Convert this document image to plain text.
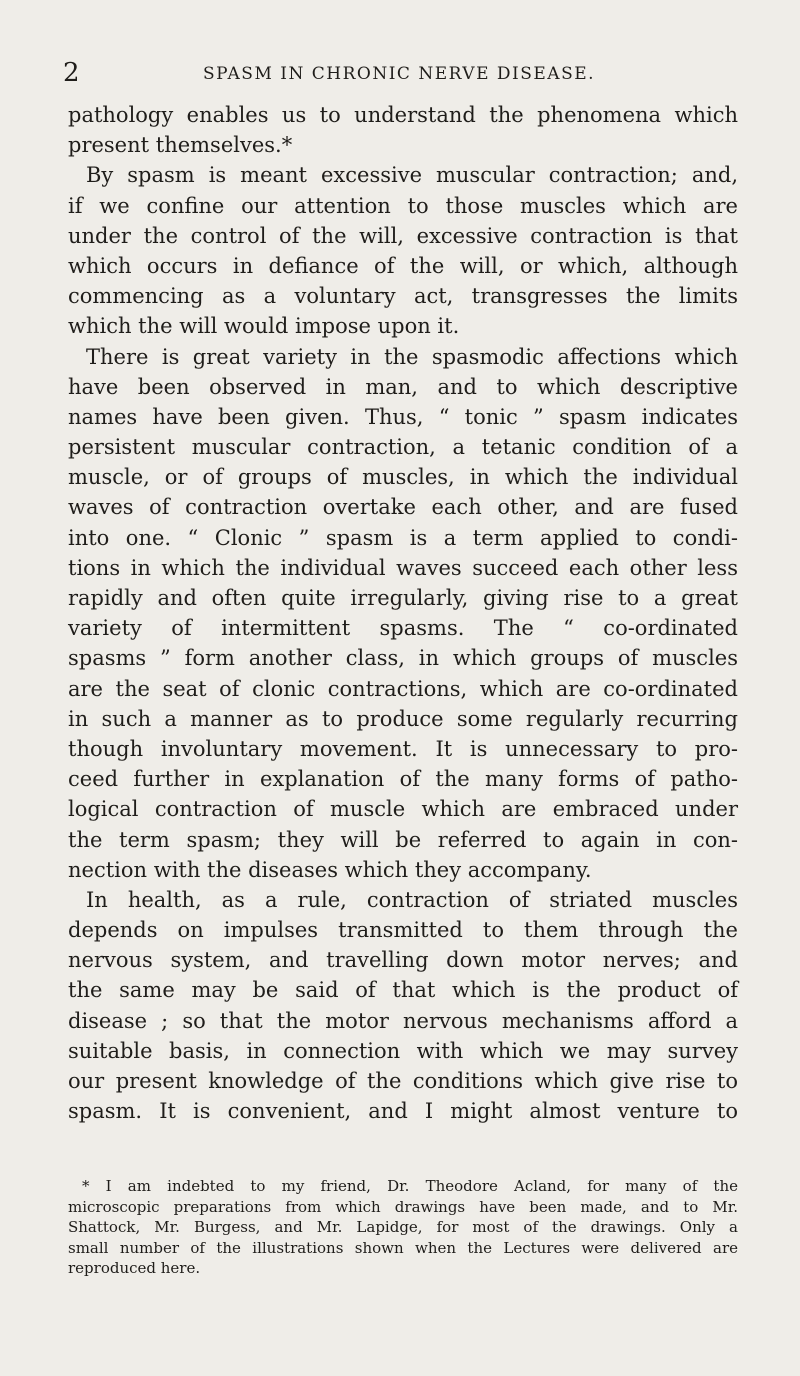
2	SPASM IN CHRONIC NERVE DISEASE.
pathology enables us to understand the phenomena which
present themselves.*
By spasm is meant excessive muscular contraction; and,
if we confine our attention to those muscles which are
under the control of the will, excessive contraction is that
which occurs in defiance of the will, or which, although
commencing as a voluntary act, transgresses the limits
which the will would impose upon it.
There is great variety in the spasmodic affections which
have been observed in man, and to which descriptive
names have been given. Thus, “ tonic ” spasm indicates
persistent muscular contraction, a tetanic condition of a
muscle, or of groups of muscles, in which the individual
waves of contraction overtake each other, and are fused
into one. “ Clonic ” spasm is a term applied to condi-
tions in which the individual waves succeed each other less
rapidly and often quite irregularly, giving rise to a great
variety of intermittent spasms. The “ co-ordinated
spasms ” form another class, in which groups of muscles
are the seat of clonic contractions, which are co-ordinated
in such a manner as to produce some regularly recurring
though involuntary movement. It is unnecessary to pro-
ceed further in explanation of the many forms of patho-
logical contraction of muscle which are embraced under
the term spasm; they will be referred to again in con-
nection with the diseases which they accompany.
In health, as a rule, contraction of striated muscles
depends on impulses transmitted to them through the
nervous system, and travelling down motor nerves; and
the same may be said of that which is the product of
disease ; so that the motor nervous mechanisms afford a
suitable basis, in connection with which we may survey
our present knowledge of the conditions which give rise to
spasm. It is convenient, and I might almost venture to
* I am indebted to my friend, Dr. Theodore Acland, for many of the
microscopic preparations from which drawings have been made, and to Mr.
Shattock, Mr. Burgess, and Mr. Lapidge, for most of the drawings. Only a
small number of the illustrations shown when the Lectures were delivered are
reproduced here.
